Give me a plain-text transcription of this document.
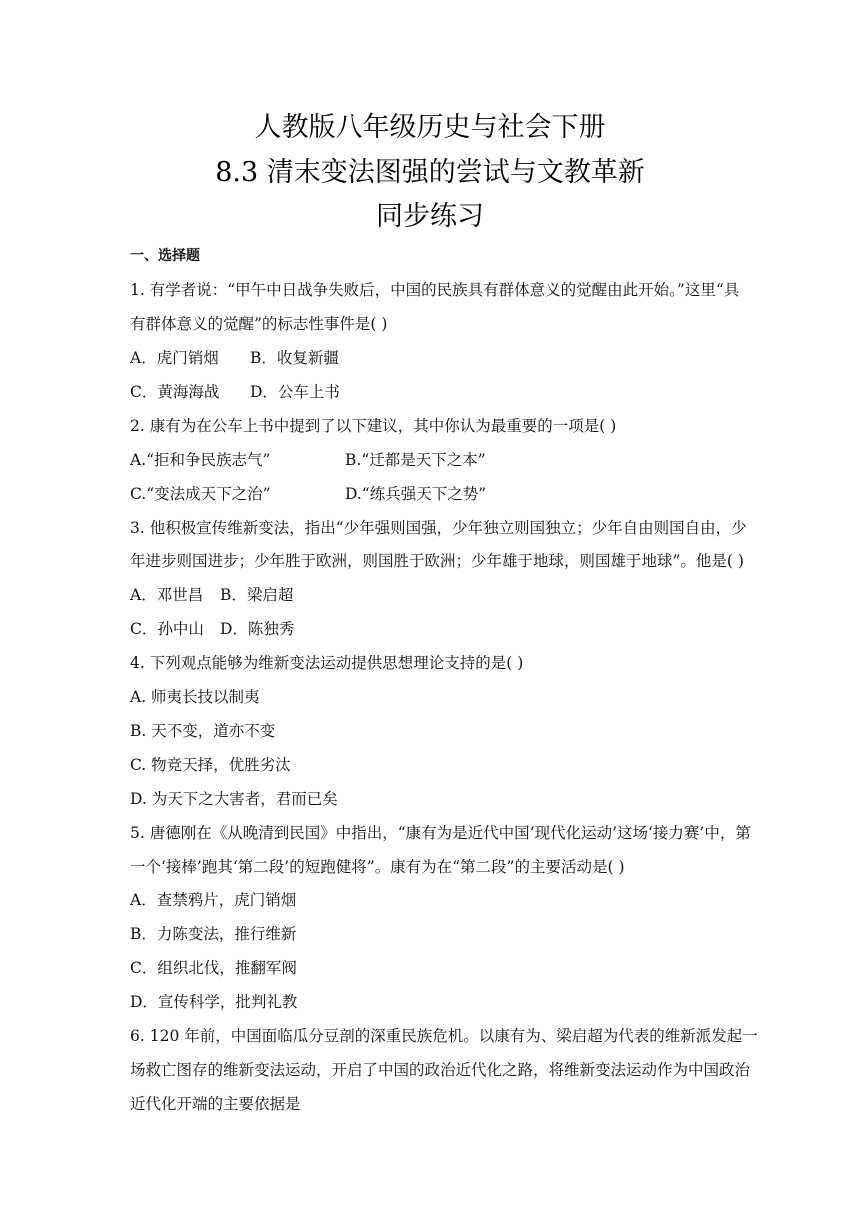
人教版八年级历史与社会下册
8.3 清末变法图强的尝试与文教革新
同步练习
一、选择题
1. 有学者说：“甲午中日战争失败后，中国的民族具有群体意义的觉醒由此开始。”这里“具
有群体意义的觉醒”的标志性事件是( )
A．虎门销烟 B．收复新疆
C．黄海海战 D．公车上书
2. 康有为在公车上书中提到了以下建议，其中你认为最重要的一项是( )
A.“拒和争民族志气”	B.“迁都是天下之本”
C.“变法成天下之治”	D.“练兵强天下之势”
3. 他积极宣传维新变法，指出“少年强则国强，少年独立则国独立；少年自由则国自由，少
年进步则国进步；少年胜于欧洲，则国胜于欧洲；少年雄于地球，则国雄于地球”。他是( )
A．邓世昌 B．梁启超
C．孙中山 D．陈独秀
4. 下列观点能够为维新变法运动提供思想理论支持的是( )
A. 师夷长技以制夷
B. 天不变，道亦不变
C. 物竞天择，优胜劣汰
D. 为天下之大害者，君而已矣
5. 唐德刚在《从晚清到民国》中指出，“康有为是近代中国‘现代化运动’这场‘接力赛’中，第
一个‘接棒’跑其‘第二段’的短跑健将”。康有为在“第二段”的主要活动是( )
A．查禁鸦片，虎门销烟
B．力陈变法，推行维新
C．组织北伐，推翻军阀
D．宣传科学，批判礼教
6. 120 年前，中国面临瓜分豆剖的深重民族危机。以康有为、梁启超为代表的维新派发起一
场救亡图存的维新变法运动，开启了中国的政治近代化之路，将维新变法运动作为中国政治
近代化开端的主要依据是
